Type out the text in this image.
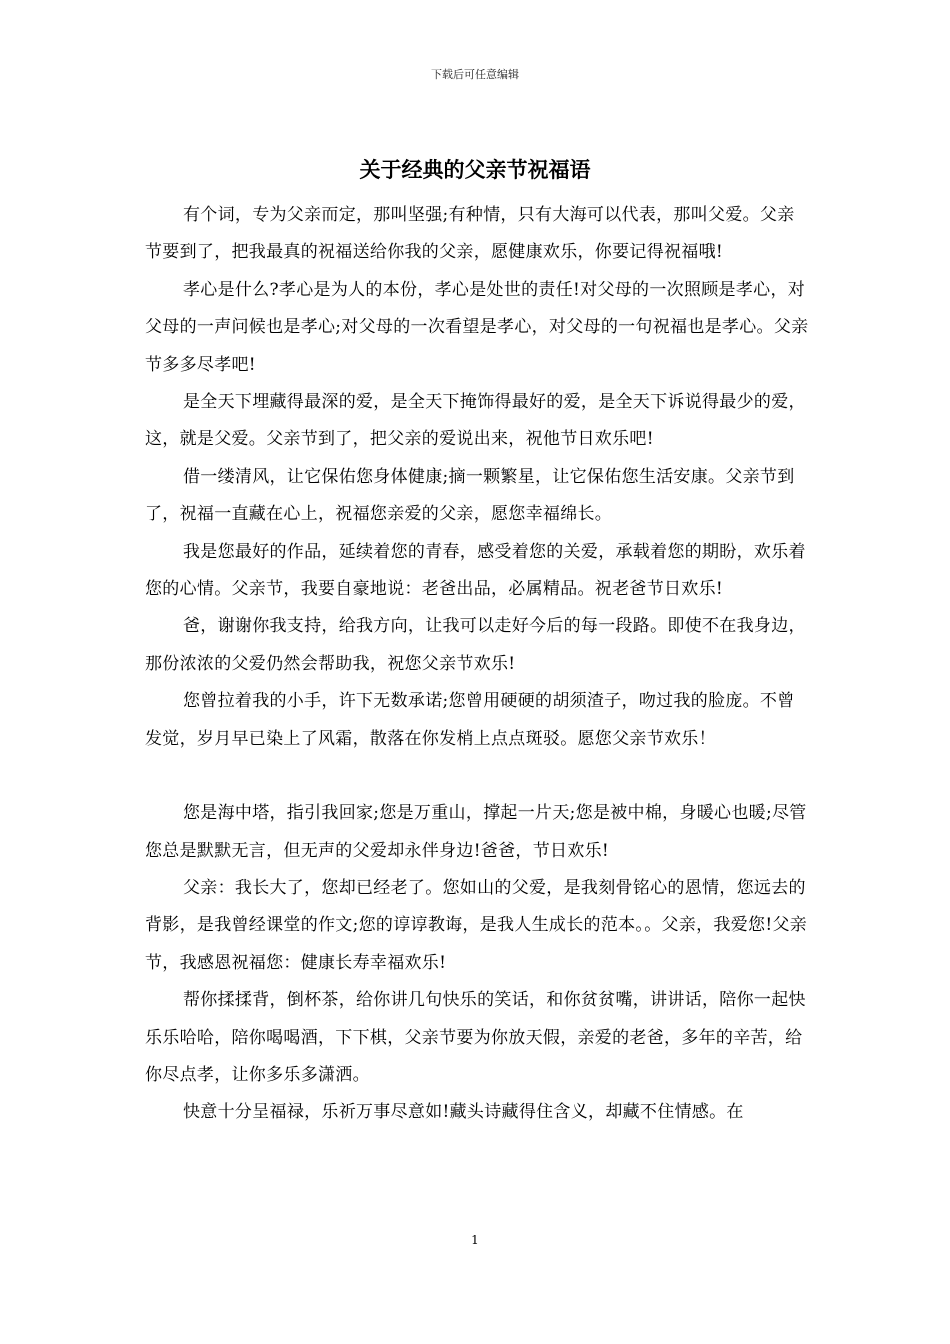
下载后可任意编辑
关于经典的父亲节祝福语

有个词，专为父亲而定，那叫坚强;有种情，只有大海可以代表，那叫父爱。父亲节要到了，把我最真的祝福送给你我的父亲，愿健康欢乐，你要记得祝福哦!

孝心是什么?孝心是为人的本份，孝心是处世的责任!对父母的一次照顾是孝心，对父母的一声问候也是孝心;对父母的一次看望是孝心，对父母的一句祝福也是孝心。父亲节多多尽孝吧!

是全天下埋藏得最深的爱，是全天下掩饰得最好的爱，是全天下诉说得最少的爱，这，就是父爱。父亲节到了，把父亲的爱说出来，祝他节日欢乐吧!

借一缕清风，让它保佑您身体健康;摘一颗繁星，让它保佑您生活安康。父亲节到了，祝福一直藏在心上，祝福您亲爱的父亲，愿您幸福绵长。

我是您最好的作品，延续着您的青春，感受着您的关爱，承载着您的期盼，欢乐着您的心情。父亲节，我要自豪地说：老爸出品，必属精品。祝老爸节日欢乐!

爸，谢谢你我支持，给我方向，让我可以走好今后的每一段路。即使不在我身边，那份浓浓的父爱仍然会帮助我，祝您父亲节欢乐!

您曾拉着我的小手，许下无数承诺;您曾用硬硬的胡须渣子，吻过我的脸庞。不曾发觉，岁月早已染上了风霜，散落在你发梢上点点斑驳。愿您父亲节欢乐！

您是海中塔，指引我回家;您是万重山，撑起一片天;您是被中棉，身暖心也暖;尽管您总是默默无言，但无声的父爱却永伴身边!爸爸，节日欢乐!

父亲：我长大了，您却已经老了。您如山的父爱，是我刻骨铭心的恩情，您远去的背影，是我曾经课堂的作文;您的谆谆教诲，是我人生成长的范本。。父亲，我爱您!父亲节，我感恩祝福您：健康长寿幸福欢乐!

帮你揉揉背，倒杯茶，给你讲几句快乐的笑话，和你贫贫嘴，讲讲话，陪你一起快乐乐哈哈，陪你喝喝酒，下下棋，父亲节要为你放天假，亲爱的老爸，多年的辛苦，给你尽点孝，让你多乐多潇洒。

快意十分呈福禄，乐祈万事尽意如!藏头诗藏得住含义，却藏不住情感。在

1
